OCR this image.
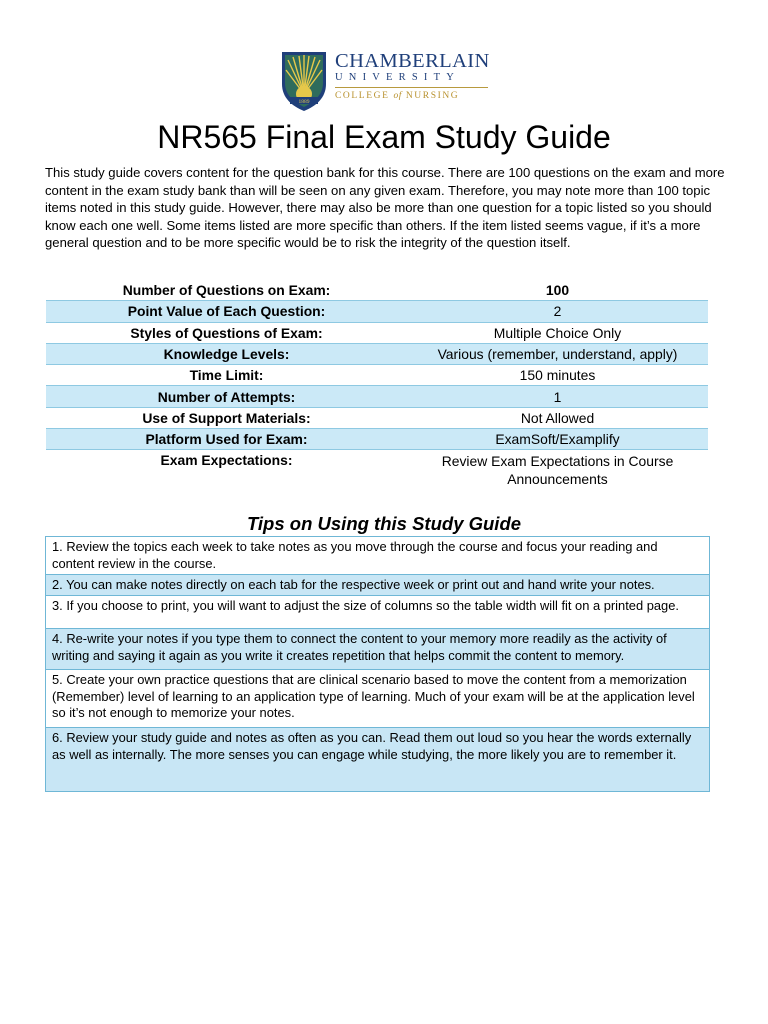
1889
CHAMBERLAIN
UNIVERSITY
COLLEGE of NURSING
NR565 Final Exam Study Guide

This study guide covers content for the question bank for this course. There are 100 questions on the exam and more content in the exam study bank than will be seen on any given exam. Therefore, you may note more than 100 topic items noted in this study guide. However, there may also be more than one question for a topic listed so you should know each one well. Some items listed are more specific than others. If the item listed seems vague, if it’s a more general question and to be more specific would be to risk the integrity of the question itself.

Number of Questions on Exam:	100
Point Value of Each Question:	2
Styles of Questions of Exam:	Multiple Choice Only
Knowledge Levels:	Various (remember, understand, apply)
Time Limit:	150 minutes
Number of Attempts:	1
Use of Support Materials:	Not Allowed
Platform Used for Exam:	ExamSoft/Examplify
Exam Expectations:	Review Exam Expectations in Course Announcements
Tips on Using this Study Guide
1. Review the topics each week to take notes as you move through the course and focus your reading and content review in the course.
2. You can make notes directly on each tab for the respective week or print out and hand write your notes.
3. If you choose to print, you will want to adjust the size of columns so the table width will fit on a printed page.
4. Re-write your notes if you type them to connect the content to your memory more readily as the activity of writing and saying it again as you write it creates repetition that helps commit the content to memory.
5. Create your own practice questions that are clinical scenario based to move the content from a memorization (Remember) level of learning to an application type of learning. Much of your exam will be at the application level so it’s not enough to memorize your notes.
6. Review your study guide and notes as often as you can. Read them out loud so you hear the words externally as well as internally. The more senses you can engage while studying, the more likely you are to remember it.
